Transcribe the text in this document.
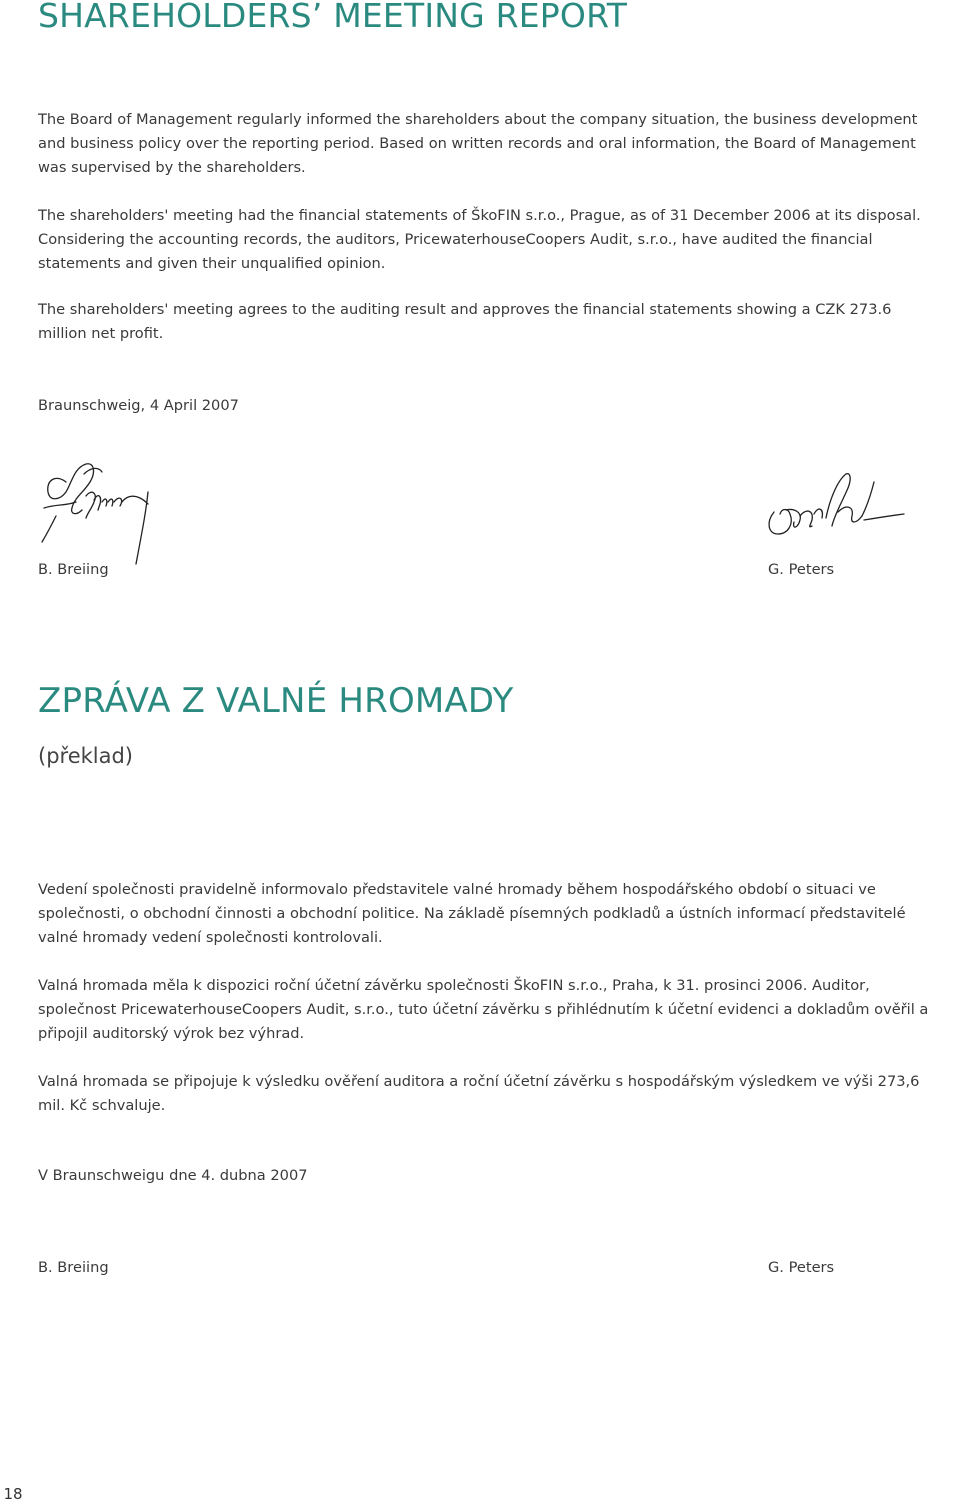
SHAREHOLDERS’ MEETING REPORT

The Board of Management regularly informed the shareholders about the company situation, the business development and business policy over the reporting period. Based on written records and oral information, the Board of Management was supervised by the shareholders.

The shareholders' meeting had the financial statements of ŠkoFIN s.r.o., Prague, as of 31 December 2006 at its disposal. Considering the accounting records, the auditors, PricewaterhouseCoopers Audit, s.r.o., have audited the financial statements and given their unqualified opinion.

The shareholders' meeting agrees to the auditing result and approves the financial statements showing a CZK 273.6 million net profit.

Braunschweig, 4 April 2007

B. Breiing	G. Peters
ZPRÁVA Z VALNÉ HROMADY

(překlad)

Vedení společnosti pravidelně informovalo představitele valné hromady během hospodářského období o situaci ve společnosti, o obchodní činnosti a obchodní politice. Na základě písemných podkladů a ústních informací představitelé valné hromady vedení společnosti kontrolovali.

Valná hromada měla k dispozici roční účetní závěrku společnosti ŠkoFIN s.r.o., Praha, k 31. prosinci 2006. Auditor, společnost PricewaterhouseCoopers Audit, s.r.o., tuto účetní závěrku s přihlédnutím k účetní evidenci a dokladům ověřil a připojil auditorský výrok bez výhrad.

Valná hromada se připojuje k výsledku ověření auditora a roční účetní závěrku s hospodářským výsledkem ve výši 273,6 mil. Kč schvaluje.

V Braunschweigu dne 4. dubna 2007

B. Breiing	G. Peters
18
